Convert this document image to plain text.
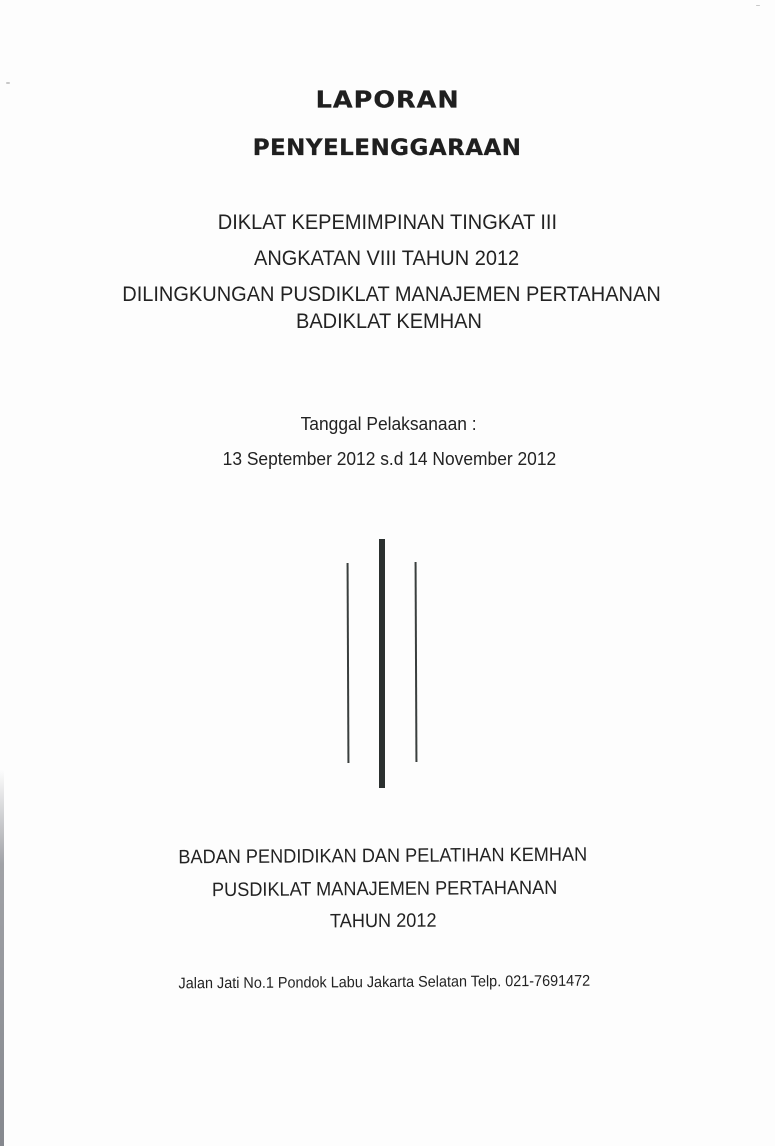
LAPORAN
PENYELENGGARAAN
DIKLAT KEPEMIMPINAN TINGKAT III
ANGKATAN VIII TAHUN 2012
DILINGKUNGAN PUSDIKLAT MANAJEMEN PERTAHANAN
BADIKLAT KEMHAN
Tanggal Pelaksanaan :
13 September 2012 s.d 14 November 2012
BADAN PENDIDIKAN DAN PELATIHAN KEMHAN
PUSDIKLAT MANAJEMEN PERTAHANAN
TAHUN 2012
Jalan Jati No.1 Pondok Labu Jakarta Selatan Telp. 021-7691472
